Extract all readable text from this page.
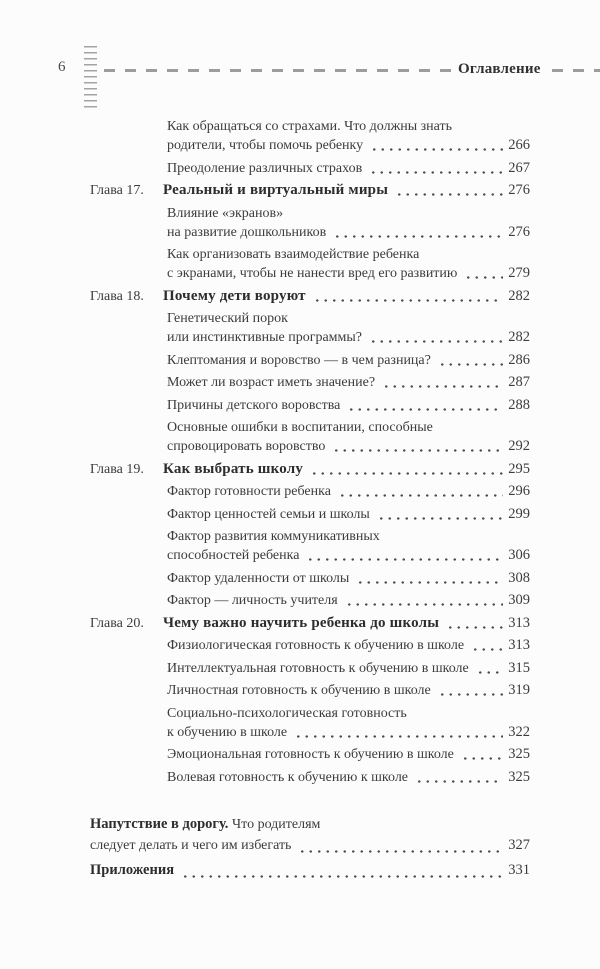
6	Оглавление
Как обращаться со страхами. Что должны знать
родители, чтобы помочь ребенку	266
Преодоление различных страхов	267
Глава 17.	Реальный и виртуальный миры	276
Влияние «экранов»
на развитие дошкольников	276
Как организовать взаимодействие ребенка
с экранами, чтобы не нанести вред его развитию	279
Глава 18.	Почему дети воруют	282
Генетический порок
или инстинктивные программы?	282
Клептомания и воровство — в чем разница?	286
Может ли возраст иметь значение?	287
Причины детского воровства	288
Основные ошибки в воспитании, способные
спровоцировать воровство	292
Глава 19.	Как выбрать школу	295
Фактор готовности ребенка	296
Фактор ценностей семьи и школы	299
Фактор развития коммуникативных
способностей ребенка	306
Фактор удаленности от школы	308
Фактор — личность учителя	309
Глава 20.	Чему важно научить ребенка до школы	313
Физиологическая готовность к обучению в школе	313
Интеллектуальная готовность к обучению в школе	315
Личностная готовность к обучению в школе	319
Социально-психологическая готовность
к обучению в школе	322
Эмоциональная готовность к обучению в школе	325
Волевая готовность к обучению к школе	325
Напутствие в дорогу. Что родителям
следует делать и чего им избегать	327
Приложения	331
